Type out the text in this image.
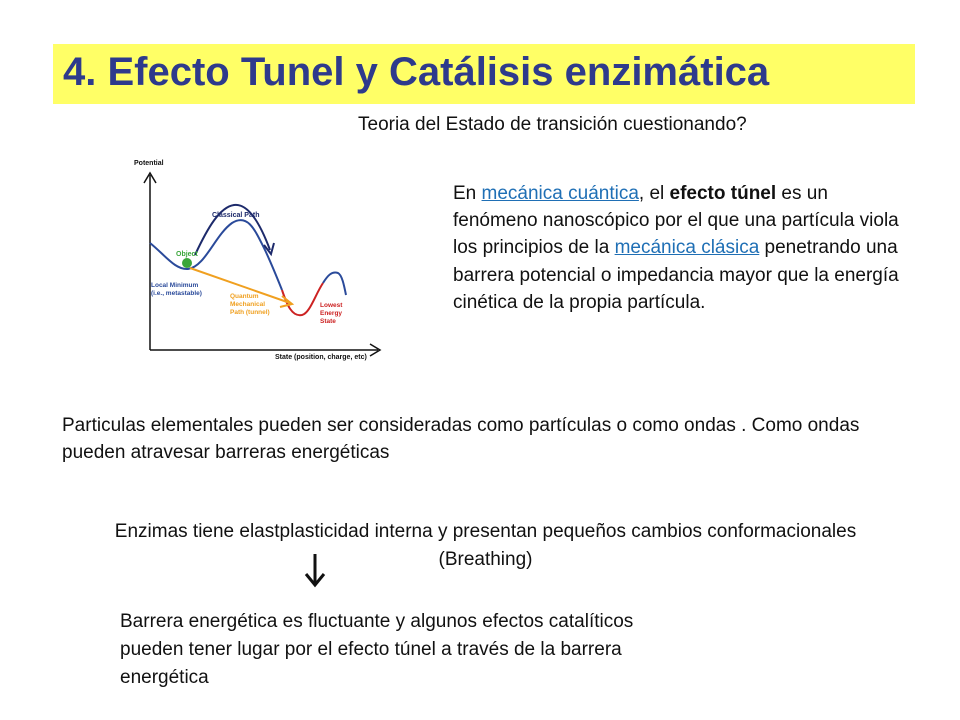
4. Efecto Tunel y Catálisis enzimática
Teoria del Estado de transición cuestionando?
Potential
State (position, charge, etc)
Classical Path
Object
Local Minimum
(i.e., metastable)	Quantum
Mechanical
Path (tunnel)
Lowest
Energy
State
En mecánica cuántica, el efecto túnel es un fenómeno nanoscópico por el que una partícula viola los principios de la mecánica clásica penetrando una barrera potencial o impedancia mayor que la energía cinética de la propia partícula.
Particulas elementales pueden ser consideradas como partículas o como ondas . Como ondas pueden atravesar barreras energéticas
Enzimas tiene elastplasticidad interna y presentan pequeños cambios conformacionales
(Breathing)
Barrera energética es fluctuante y algunos efectos catalíticos pueden tener lugar por el efecto túnel a través de la barrera energética
